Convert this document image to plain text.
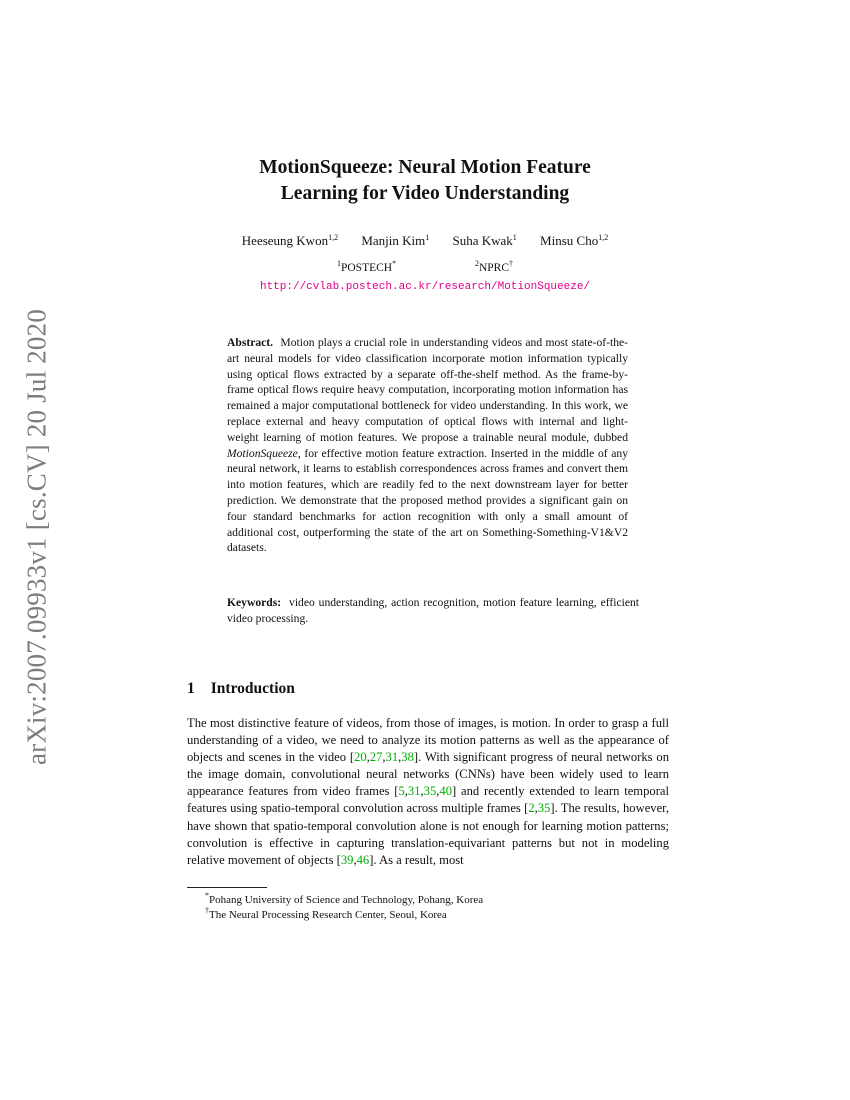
arXiv:2007.09933v1 [cs.CV] 20 Jul 2020
MotionSqueeze: Neural Motion Feature
Learning for Video Understanding
Heeseung Kwon$^{1,2}$ Manjin Kim$^1$ Suha Kwak$^1$ Minsu Cho$^{1,2}$
$^1$POSTECH*	$^2$NPRC†
http://cvlab.postech.ac.kr/research/MotionSqueeze/

Abstract. Motion plays a crucial role in understanding videos and most state-of-the-art neural models for video classification incorporate motion information typically using optical flows extracted by a separate off-the-shelf method. As the frame-by-frame optical flows require heavy computation, incorporating motion information has remained a major computational bottleneck for video understanding. In this work, we replace external and heavy computation of optical flows with internal and light-weight learning of motion features. We propose a trainable neural module, dubbed MotionSqueeze, for effective motion feature extraction. Inserted in the middle of any neural network, it learns to establish correspondences across frames and convert them into motion features, which are readily fed to the next downstream layer for better prediction. We demonstrate that the proposed method provides a significant gain on four standard benchmarks for action recognition with only a small amount of additional cost, outperforming the state of the art on Something-Something-V1&V2 datasets.

Keywords: video understanding, action recognition, motion feature learning, efficient video processing.

1 Introduction

The most distinctive feature of videos, from those of images, is motion. In order to grasp a full understanding of a video, we need to analyze its motion patterns as well as the appearance of objects and scenes in the video [20,27,31,38]. With significant progress of neural networks on the image domain, convolutional neural networks (CNNs) have been widely used to learn appearance features from video frames [5,31,35,40] and recently extended to learn temporal features using spatio-temporal convolution across multiple frames [2,35]. The results, however, have shown that spatio-temporal convolution alone is not enough for learning motion patterns; convolution is effective in capturing translation-equivariant patterns but not in modeling relative movement of objects [39,46]. As a result, most

*Pohang University of Science and Technology, Pohang, Korea
†The Neural Processing Research Center, Seoul, Korea
